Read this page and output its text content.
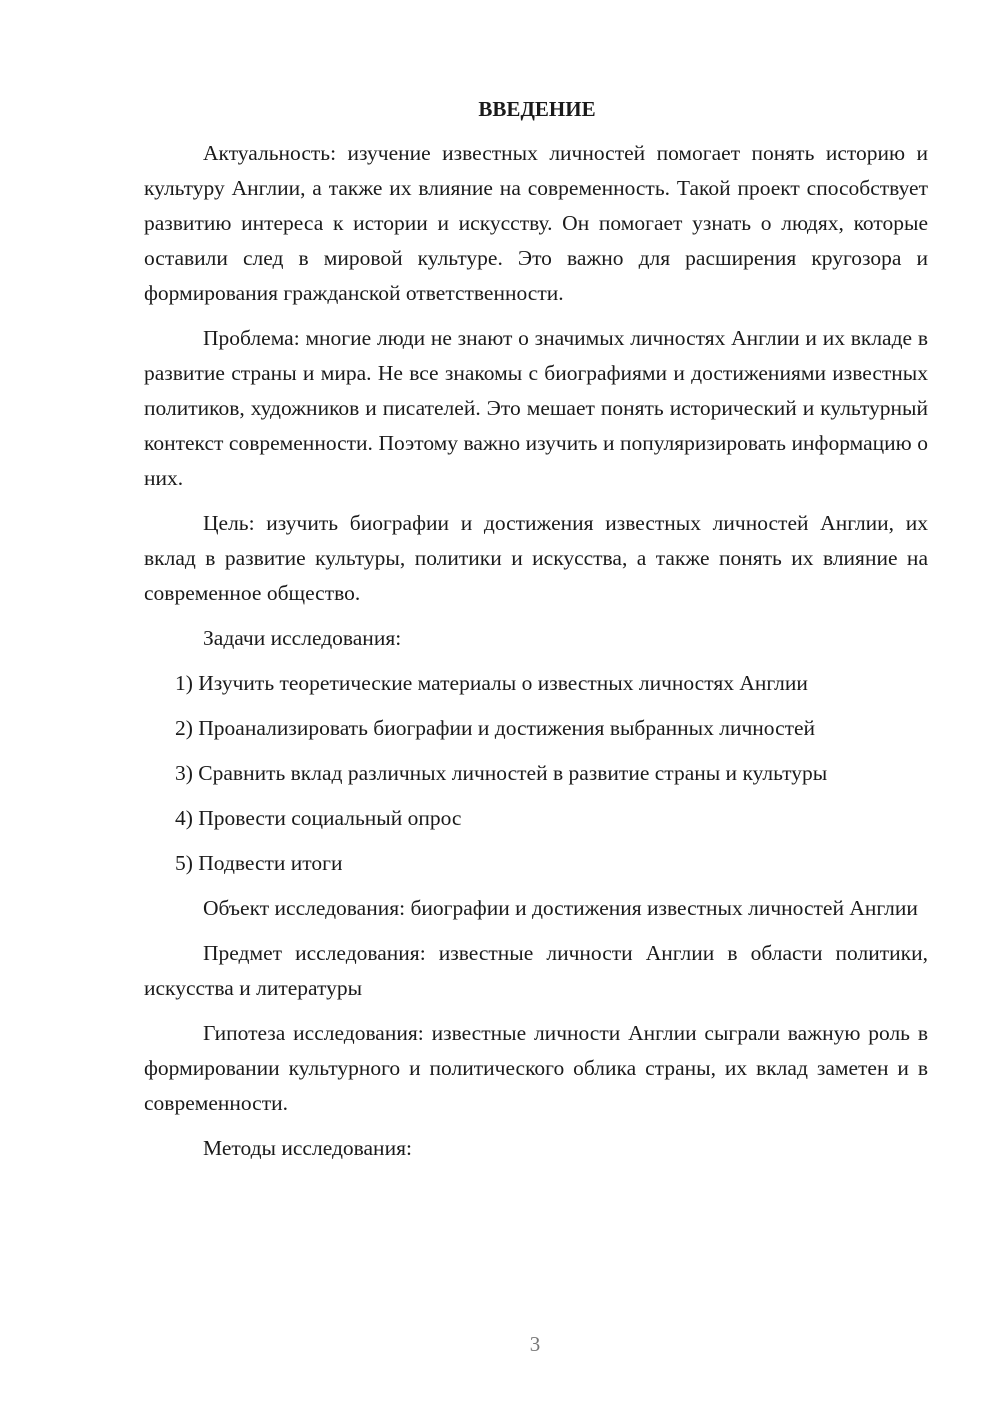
ВВЕДЕНИЕ

Актуальность: изучение известных личностей помогает понять историю и культуру Англии, а также их влияние на современность. Такой проект способствует развитию интереса к истории и искусству. Он помогает узнать о людях, которые оставили след в мировой культуре. Это важно для расширения кругозора и формирования гражданской ответственности.

Проблема: многие люди не знают о значимых личностях Англии и их вкладе в развитие страны и мира. Не все знакомы с биографиями и достижениями известных политиков, художников и писателей. Это мешает понять исторический и культурный контекст современности. Поэтому важно изучить и популяризировать информацию о них.

Цель: изучить биографии и достижения известных личностей Англии, их вклад в развитие культуры, политики и искусства, а также понять их влияние на современное общество.

Задачи исследования:

1) Изучить теоретические материалы о известных личностях Англии

2) Проанализировать биографии и достижения выбранных личностей

3) Сравнить вклад различных личностей в развитие страны и культуры

4) Провести социальный опрос

5) Подвести итоги

Объект исследования: биографии и достижения известных личностей Англии

Предмет исследования: известные личности Англии в области политики, искусства и литературы

Гипотеза исследования: известные личности Англии сыграли важную роль в формировании культурного и политического облика страны, их вклад заметен и в современности.

Методы исследования:

3
